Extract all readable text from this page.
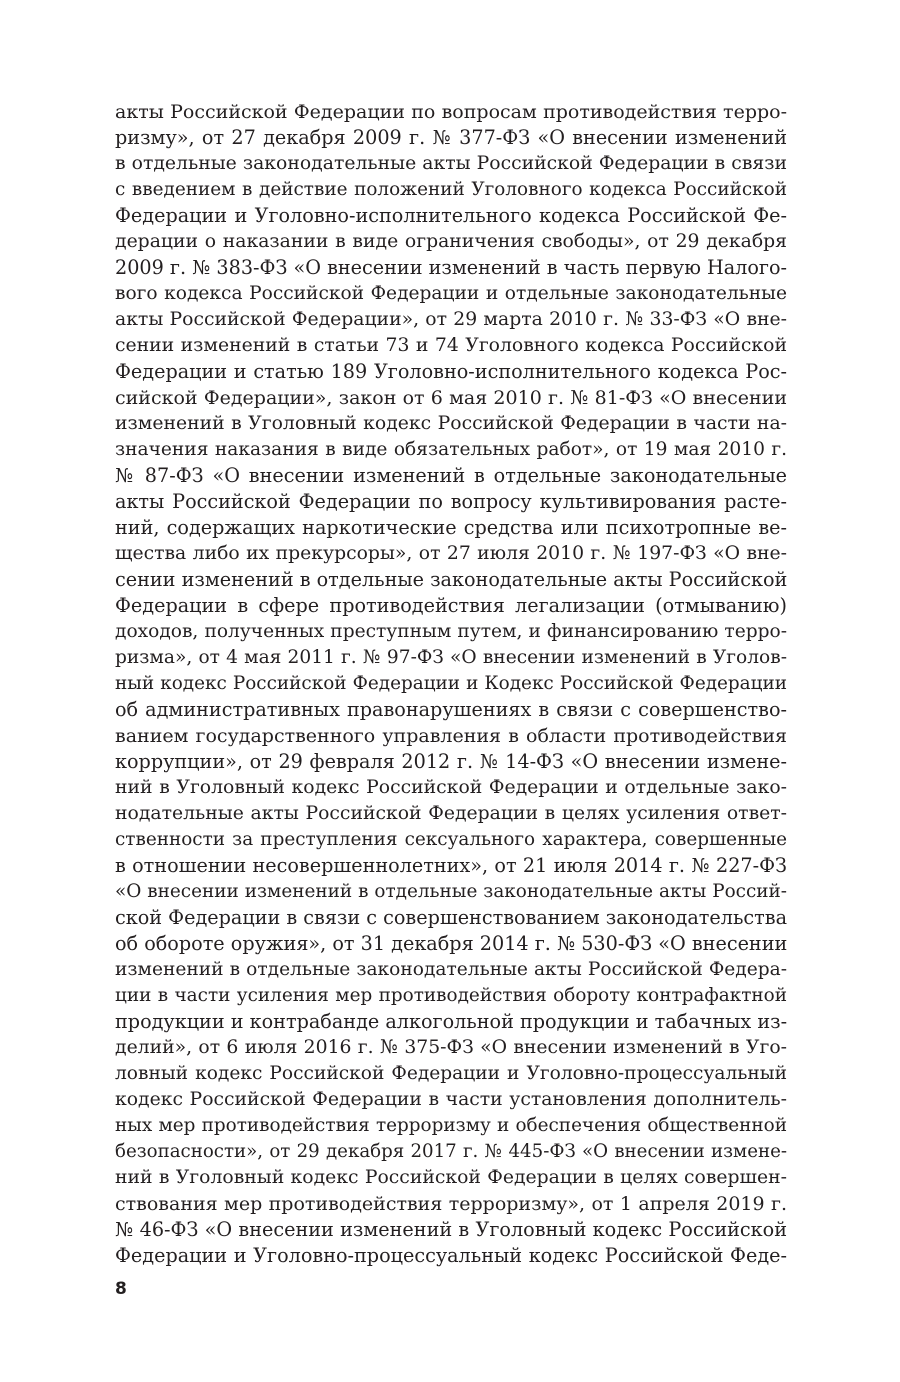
акты Российской Федерации по вопросам противодействия терро-
ризму», от 27 декабря 2009 г. № 377-ФЗ «О внесении изменений
в отдельные законодательные акты Российской Федерации в связи
с введением в действие положений Уголовного кодекса Российской
Федерации и Уголовно-исполнительного кодекса Российской Фе-
дерации о наказании в виде ограничения свободы», от 29 декабря
2009 г. № 383-ФЗ «О внесении изменений в часть первую Налого-
вого кодекса Российской Федерации и отдельные законодательные
акты Российской Федерации», от 29 марта 2010 г. № 33-ФЗ «О вне-
сении изменений в статьи 73 и 74 Уголовного кодекса Российской
Федерации и статью 189 Уголовно-исполнительного кодекса Рос-
сийской Федерации», закон от 6 мая 2010 г. № 81-ФЗ «О внесении
изменений в Уголовный кодекс Российской Федерации в части на-
значения наказания в виде обязательных работ», от 19 мая 2010 г.
№ 87-ФЗ «О внесении изменений в отдельные законодательные
акты Российской Федерации по вопросу культивирования расте-
ний, содержащих наркотические средства или психотропные ве-
щества либо их прекурсоры», от 27 июля 2010 г. № 197-ФЗ «О вне-
сении изменений в отдельные законодательные акты Российской
Федерации в сфере противодействия легализации (отмыванию)
доходов, полученных преступным путем, и финансированию терро-
ризма», от 4 мая 2011 г. № 97-ФЗ «О внесении изменений в Уголов-
ный кодекс Российской Федерации и Кодекс Российской Федерации
об административных правонарушениях в связи с совершенство-
ванием государственного управления в области противодействия
коррупции», от 29 февраля 2012 г. № 14-ФЗ «О внесении измене-
ний в Уголовный кодекс Российской Федерации и отдельные зако-
нодательные акты Российской Федерации в целях усиления ответ-
ственности за преступления сексуального характера, совершенные
в отношении несовершеннолетних», от 21 июля 2014 г. № 227-ФЗ
«О внесении изменений в отдельные законодательные акты Россий-
ской Федерации в связи с совершенствованием законодательства
об обороте оружия», от 31 декабря 2014 г. № 530-ФЗ «О внесении
изменений в отдельные законодательные акты Российской Федера-
ции в части усиления мер противодействия обороту контрафактной
продукции и контрабанде алкогольной продукции и табачных из-
делий», от 6 июля 2016 г. № 375-ФЗ «О внесении изменений в Уго-
ловный кодекс Российской Федерации и Уголовно-процессуальный
кодекс Российской Федерации в части установления дополнитель-
ных мер противодействия терроризму и обеспечения общественной
безопасности», от 29 декабря 2017 г. № 445-ФЗ «О внесении измене-
ний в Уголовный кодекс Российской Федерации в целях совершен-
ствования мер противодействия терроризму», от 1 апреля 2019 г.
№ 46-ФЗ «О внесении изменений в Уголовный кодекс Российской
Федерации и Уголовно-процессуальный кодекс Российской Феде-
8
